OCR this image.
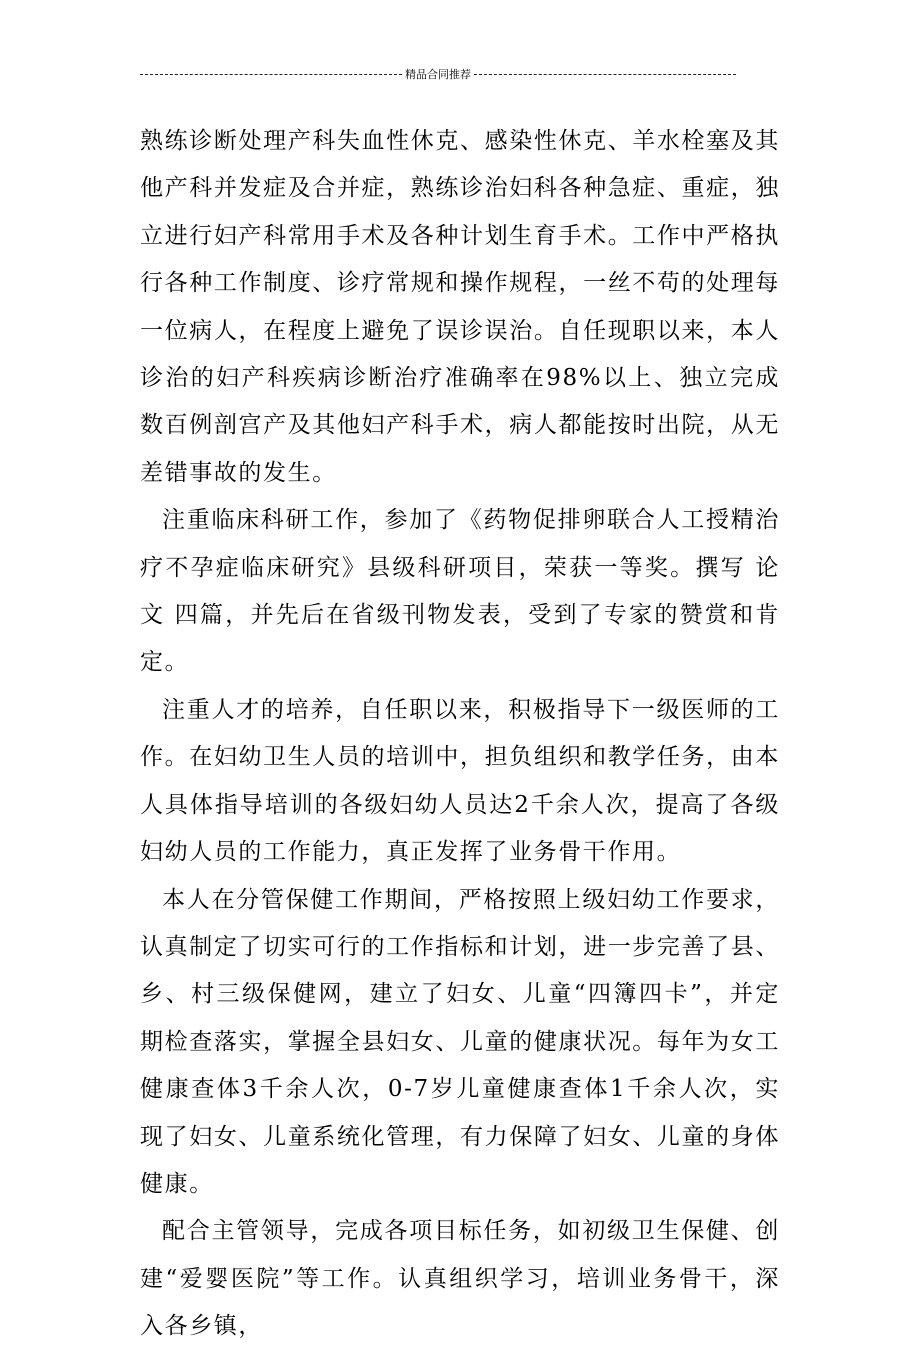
精品合同推荐

熟练诊断处理产科失血性休克、感染性休克、羊水栓塞及其他产科并发症及合并症，熟练诊治妇科各种急症、重症，独立进行妇产科常用手术及各种计划生育手术。工作中严格执行各种工作制度、诊疗常规和操作规程，一丝不苟的处理每一位病人，在程度上避免了误诊误治。自任现职以来，本人诊治的妇产科疾病诊断治疗准确率在98%以上、独立完成数百例剖宫产及其他妇产科手术，病人都能按时出院，从无差错事故的发生。

注重临床科研工作，参加了《药物促排卵联合人工授精治疗不孕症临床研究》县级科研项目，荣获一等奖。撰写 论文 四篇，并先后在省级刊物发表，受到了专家的赞赏和肯定。

注重人才的培养，自任职以来，积极指导下一级医师的工作。在妇幼卫生人员的培训中，担负组织和教学任务，由本人具体指导培训的各级妇幼人员达2千余人次，提高了各级妇幼人员的工作能力，真正发挥了业务骨干作用。

本人在分管保健工作期间，严格按照上级妇幼工作要求，认真制定了切实可行的工作指标和计划，进一步完善了县、乡、村三级保健网，建立了妇女、儿童“四簿四卡”，并定期检查落实，掌握全县妇女、儿童的健康状况。每年为女工健康查体3千余人次，0-7岁儿童健康查体1千余人次，实现了妇女、儿童系统化管理，有力保障了妇女、儿童的身体健康。

配合主管领导，完成各项目标任务，如初级卫生保健、创建“爱婴医院”等工作。认真组织学习，培训业务骨干，深入各乡镇，
